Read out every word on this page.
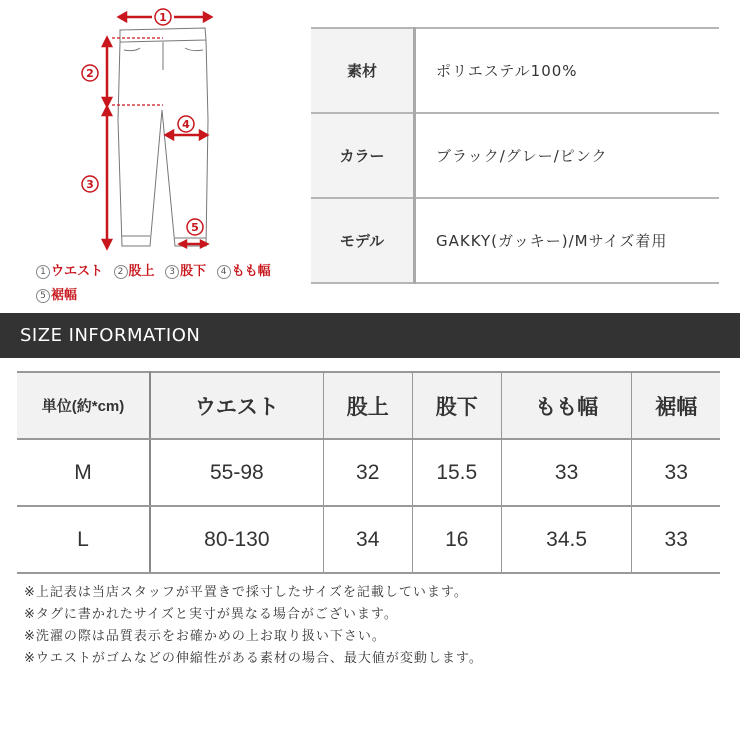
1
2
3
4
5
1 ウエスト 2 股上 3 股下 4 もも幅
5 裾幅
素材	ポリエステル100%
カラー	ブラック/グレー/ピンク
モデル	GAKKY(ガッキー)/Mサイズ着用
SIZE INFORMATION
単位(約*cm)	ウエスト	股上	股下	もも幅	裾幅
M	55-98	32	15.5	33	33
L	80-130	34	16	34.5	33
※上記表は当店スタッフが平置きで採寸したサイズを記載しています。
※タグに書かれたサイズと実寸が異なる場合がございます。
※洗濯の際は品質表示をお確かめの上お取り扱い下さい。
※ウエストがゴムなどの伸縮性がある素材の場合、最大値が変動します。
